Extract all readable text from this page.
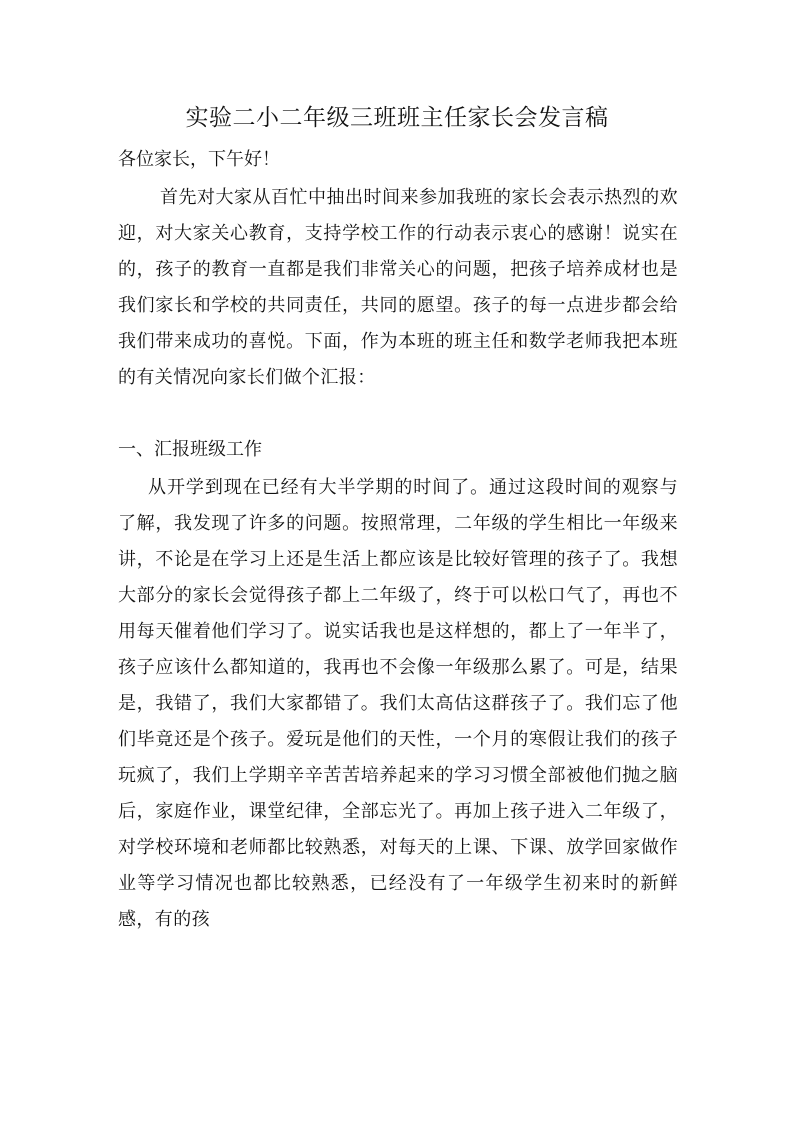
实验二小二年级三班班主任家长会发言稿
各位家长，下午好！

首先对大家从百忙中抽出时间来参加我班的家长会表示热烈的欢迎，对大家关心教育，支持学校工作的行动表示衷心的感谢！说实在的，孩子的教育一直都是我们非常关心的问题，把孩子培养成材也是我们家长和学校的共同责任，共同的愿望。孩子的每一点进步都会给我们带来成功的喜悦。下面，作为本班的班主任和数学老师我把本班的有关情况向家长们做个汇报：

一、汇报班级工作

从开学到现在已经有大半学期的时间了。通过这段时间的观察与了解，我发现了许多的问题。按照常理，二年级的学生相比一年级来讲，不论是在学习上还是生活上都应该是比较好管理的孩子了。我想大部分的家长会觉得孩子都上二年级了，终于可以松口气了，再也不用每天催着他们学习了。说实话我也是这样想的，都上了一年半了，孩子应该什么都知道的，我再也不会像一年级那么累了。可是，结果是，我错了，我们大家都错了。我们太高估这群孩子了。我们忘了他们毕竟还是个孩子。爱玩是他们的天性，一个月的寒假让我们的孩子玩疯了，我们上学期辛辛苦苦培养起来的学习习惯全部被他们抛之脑后，家庭作业，课堂纪律，全部忘光了。再加上孩子进入二年级了，对学校环境和老师都比较熟悉，对每天的上课、下课、放学回家做作业等学习情况也都比较熟悉，已经没有了一年级学生初来时的新鲜感，有的孩
